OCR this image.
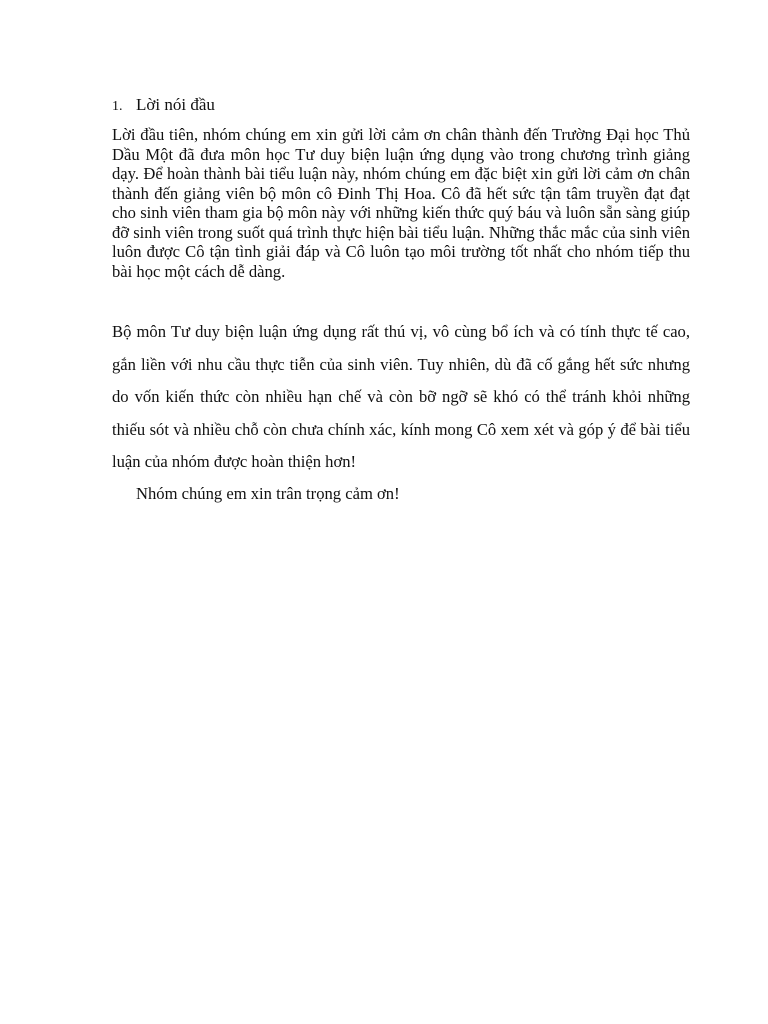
1. Lời nói đầu

Lời đầu tiên, nhóm chúng em xin gửi lời cảm ơn chân thành đến Trường Đại học Thủ Dầu Một đã đưa môn học Tư duy biện luận ứng dụng vào trong chương trình giảng dạy. Để hoàn thành bài tiểu luận này, nhóm chúng em đặc biệt xin gửi lời cảm ơn chân thành đến giảng viên bộ môn cô Đinh Thị Hoa. Cô đã hết sức tận tâm truyền đạt đạt cho sinh viên tham gia bộ môn này với những kiến thức quý báu và luôn sẵn sàng giúp đỡ sinh viên trong suốt quá trình thực hiện bài tiểu luận. Những thắc mắc của sinh viên luôn được Cô tận tình giải đáp và Cô luôn tạo môi trường tốt nhất cho nhóm tiếp thu bài học một cách dễ dàng.

Bộ môn Tư duy biện luận ứng dụng rất thú vị, vô cùng bổ ích và có tính thực tế cao, gắn liền với nhu cầu thực tiễn của sinh viên. Tuy nhiên, dù đã cố gắng hết sức nhưng do vốn kiến thức còn nhiều hạn chế và còn bỡ ngỡ sẽ khó có thể tránh khỏi những thiếu sót và nhiều chỗ còn chưa chính xác, kính mong Cô xem xét và góp ý để bài tiểu luận của nhóm được hoàn thiện hơn!

Nhóm chúng em xin trân trọng cảm ơn!
